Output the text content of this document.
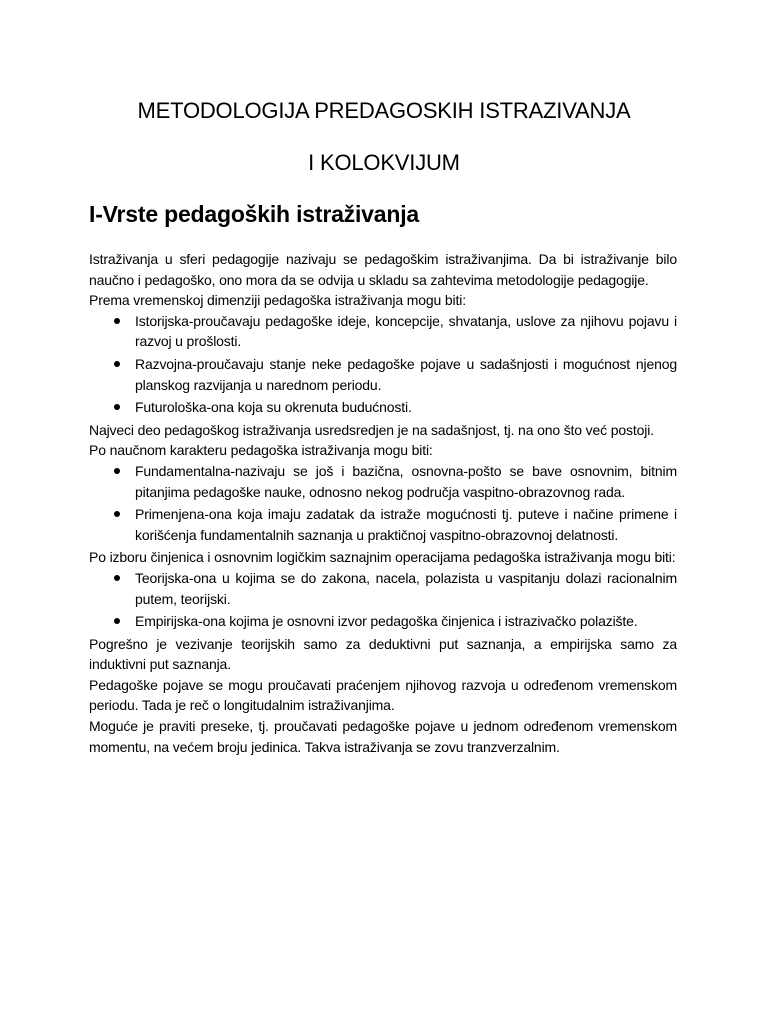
METODOLOGIJA PREDAGOSKIH ISTRAZIVANJA
I KOLOKVIJUM
I-Vrste pedagoških istraživanja

Istraživanja u sferi pedagogije nazivaju se pedagoškim istraživanjima. Da bi istraživanje bilo naučno i pedagoško, ono mora da se odvija u skladu sa zahtevima metodologije pedagogije.

Prema vremenskoj dimenziji pedagoška istraživanja mogu biti:

Istorijska-proučavaju pedagoške ideje, koncepcije, shvatanja, uslove za njihovu pojavu i razvoj u prošlosti.
Razvojna-proučavaju stanje neke pedagoške pojave u sadašnjosti i mogućnost njenog planskog razvijanja u narednom periodu.
Futurološka-ona koja su okrenuta budućnosti.

Najveci deo pedagoškog istraživanja usredsredjen je na sadašnjost, tj. na ono što već postoji.

Po naučnom karakteru pedagoška istraživanja mogu biti:

Fundamentalna-nazivaju se još i bazična, osnovna-pošto se bave osnovnim, bitnim pitanjima pedagoške nauke, odnosno nekog područja vaspitno-obrazovnog rada.
Primenjena-ona koja imaju zadatak da istraže mogućnosti tj. puteve i načine primene i korišćenja fundamentalnih saznanja u praktičnoj vaspitno-obrazovnoj delatnosti.

Po izboru činjenica i osnovnim logičkim saznajnim operacijama pedagoška istraživanja mogu biti:

Teorijska-ona u kojima se do zakona, nacela, polazista u vaspitanju dolazi racionalnim putem, teorijski.
Empirijska-ona kojima je osnovni izvor pedagoška činjenica i istrazivačko polazište.

Pogrešno je vezivanje teorijskih samo za deduktivni put saznanja, a empirijska samo za induktivni put saznanja.

Pedagoške pojave se mogu proučavati praćenjem njihovog razvoja u određenom vremenskom periodu. Tada je reč o longitudalnim istraživanjima.

Moguće je praviti preseke, tj. proučavati pedagoške pojave u jednom određenom vremenskom momentu, na većem broju jedinica. Takva istraživanja se zovu tranzverzalnim.
